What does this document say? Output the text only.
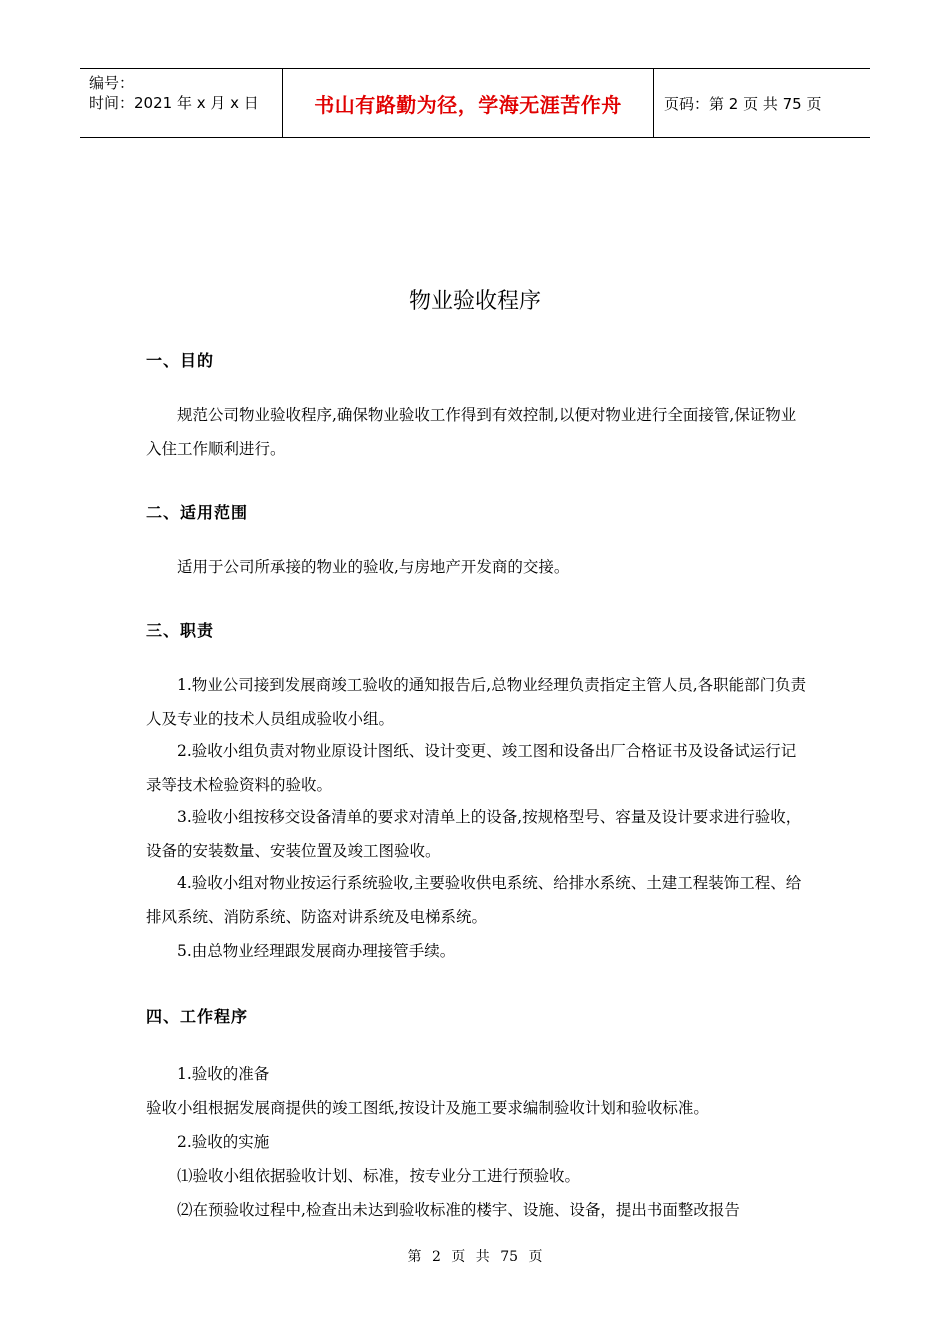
编号：
时间：2021 年 x 月 x 日	书山有路勤为径，学海无涯苦作舟	页码：第 2 页 共 75 页
物业验收程序
一、目的
规范公司物业验收程序,确保物业验收工作得到有效控制,以便对物业进行全面接管,保证物业入住工作顺利进行。
二、适用范围
适用于公司所承接的物业的验收,与房地产开发商的交接。
三、职责
1.物业公司接到发展商竣工验收的通知报告后,总物业经理负责指定主管人员,各职能部门负责人及专业的技术人员组成验收小组。
2.验收小组负责对物业原设计图纸、设计变更、竣工图和设备出厂合格证书及设备试运行记录等技术检验资料的验收。
3.验收小组按移交设备清单的要求对清单上的设备,按规格型号、容量及设计要求进行验收，设备的安装数量、安装位置及竣工图验收。
4.验收小组对物业按运行系统验收,主要验收供电系统、给排水系统、土建工程装饰工程、给排风系统、消防系统、防盗对讲系统及电梯系统。
5.由总物业经理跟发展商办理接管手续。
四、工作程序
1.验收的准备
验收小组根据发展商提供的竣工图纸,按设计及施工要求编制验收计划和验收标准。
2.验收的实施
⑴验收小组依据验收计划、标准，按专业分工进行预验收。
⑵在预验收过程中,检查出未达到验收标准的楼宇、设施、设备，提出书面整改报告
第 2 页 共 75 页
